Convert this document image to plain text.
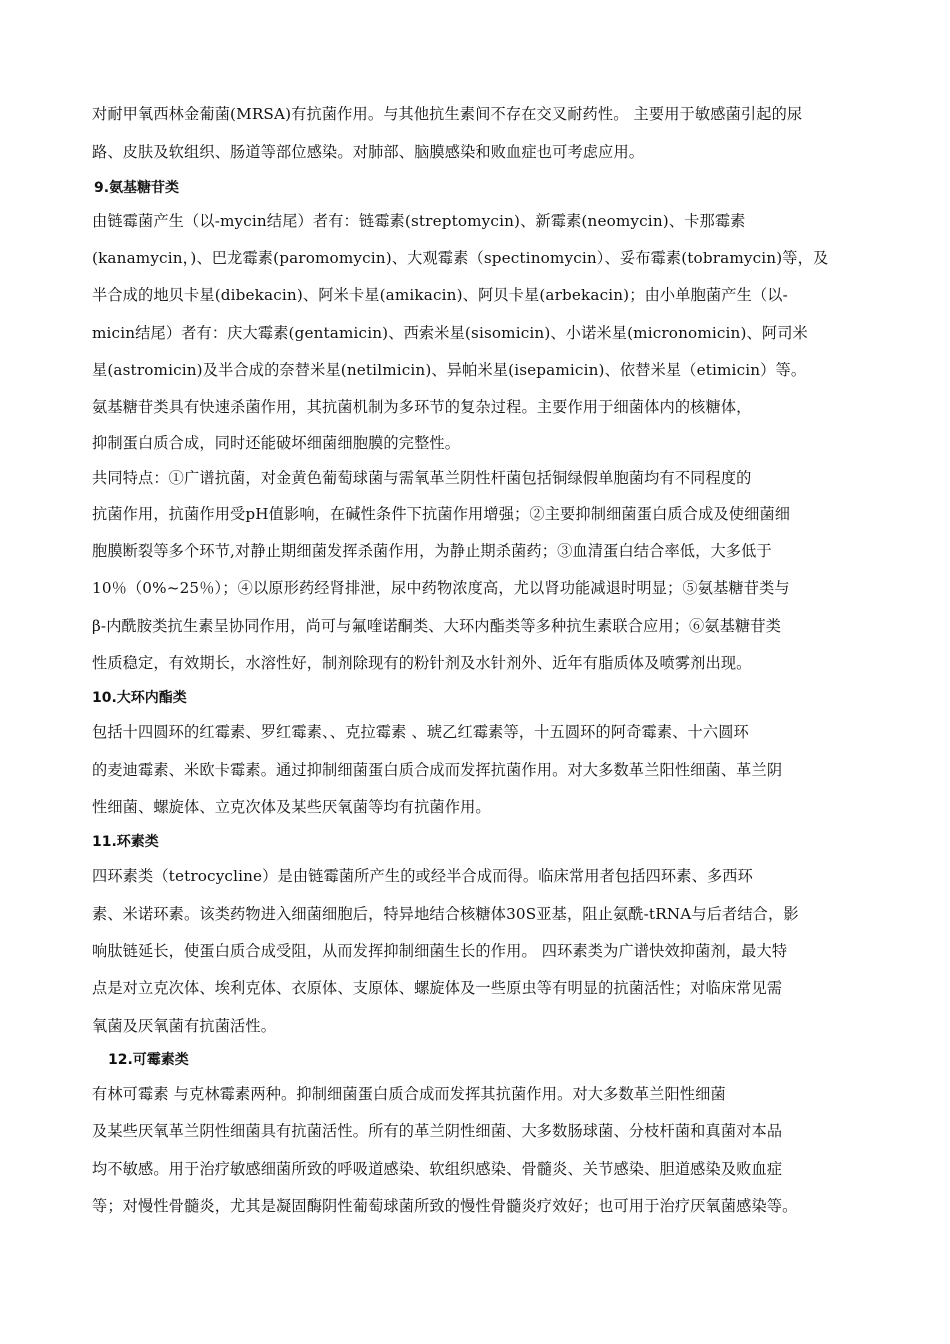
对耐甲氧西林金葡菌(MRSA)有抗菌作用。与其他抗生素间不存在交叉耐药性。 主要用于敏感菌引起的尿
路、皮肤及软组织、肠道等部位感染。对肺部、脑膜感染和败血症也可考虑应用。
9.氨基糖苷类
由链霉菌产生（以-mycin结尾）者有：链霉素(streptomycin)、新霉素(neomycin)、卡那霉素
(kanamycin，)、巴龙霉素(paromomycin)、大观霉素（spectinomycin）、妥布霉素(tobramycin)等，及
半合成的地贝卡星(dibekacin)、阿米卡星(amikacin)、阿贝卡星(arbekacin)；由小单胞菌产生（以-
micin结尾）者有：庆大霉素(gentamicin)、西索米星(sisomicin)、小诺米星(micronomicin)、阿司米
星(astromicin)及半合成的奈替米星(netilmicin)、异帕米星(isepamicin)、依替米星（etimicin）等。
氨基糖苷类具有快速杀菌作用，其抗菌机制为多环节的复杂过程。主要作用于细菌体内的核糖体，
抑制蛋白质合成，同时还能破坏细菌细胞膜的完整性。
共同特点：①广谱抗菌，对金黄色葡萄球菌与需氧革兰阴性杆菌包括铜绿假单胞菌均有不同程度的
抗菌作用，抗菌作用受pH值影响，在碱性条件下抗菌作用增强；②主要抑制细菌蛋白质合成及使细菌细
胞膜断裂等多个环节,对静止期细菌发挥杀菌作用，为静止期杀菌药；③血清蛋白结合率低，大多低于
10％（0%~25％）；④以原形药经肾排泄，尿中药物浓度高，尤以肾功能减退时明显；⑤氨基糖苷类与
β-内酰胺类抗生素呈协同作用，尚可与氟喹诺酮类、大环内酯类等多种抗生素联合应用；⑥氨基糖苷类
性质稳定，有效期长，水溶性好，制剂除现有的粉针剂及水针剂外、近年有脂质体及喷雾剂出现。
10.大环内酯类
包括十四圆环的红霉素、罗红霉素、、克拉霉素 、琥乙红霉素等，十五圆环的阿奇霉素、十六圆环
的麦迪霉素、米欧卡霉素。通过抑制细菌蛋白质合成而发挥抗菌作用。对大多数革兰阳性细菌、革兰阴
性细菌、螺旋体、立克次体及某些厌氧菌等均有抗菌作用。
11.环素类
四环素类（tetrocycline）是由链霉菌所产生的或经半合成而得。临床常用者包括四环素、多西环
素、米诺环素。该类药物进入细菌细胞后，特异地结合核糖体30S亚基，阻止氨酰-tRNA与后者结合，影
响肽链延长，使蛋白质合成受阻，从而发挥抑制细菌生长的作用。 四环素类为广谱快效抑菌剂，最大特
点是对立克次体、埃利克体、衣原体、支原体、螺旋体及一些原虫等有明显的抗菌活性；对临床常见需
氧菌及厌氧菌有抗菌活性。
12.可霉素类
有林可霉素 与克林霉素两种。抑制细菌蛋白质合成而发挥其抗菌作用。对大多数革兰阳性细菌
及某些厌氧革兰阴性细菌具有抗菌活性。所有的革兰阴性细菌、大多数肠球菌、分枝杆菌和真菌对本品
均不敏感。用于治疗敏感细菌所致的呼吸道感染、软组织感染、骨髓炎、关节感染、胆道感染及败血症
等；对慢性骨髓炎，尤其是凝固酶阴性葡萄球菌所致的慢性骨髓炎疗效好；也可用于治疗厌氧菌感染等。
